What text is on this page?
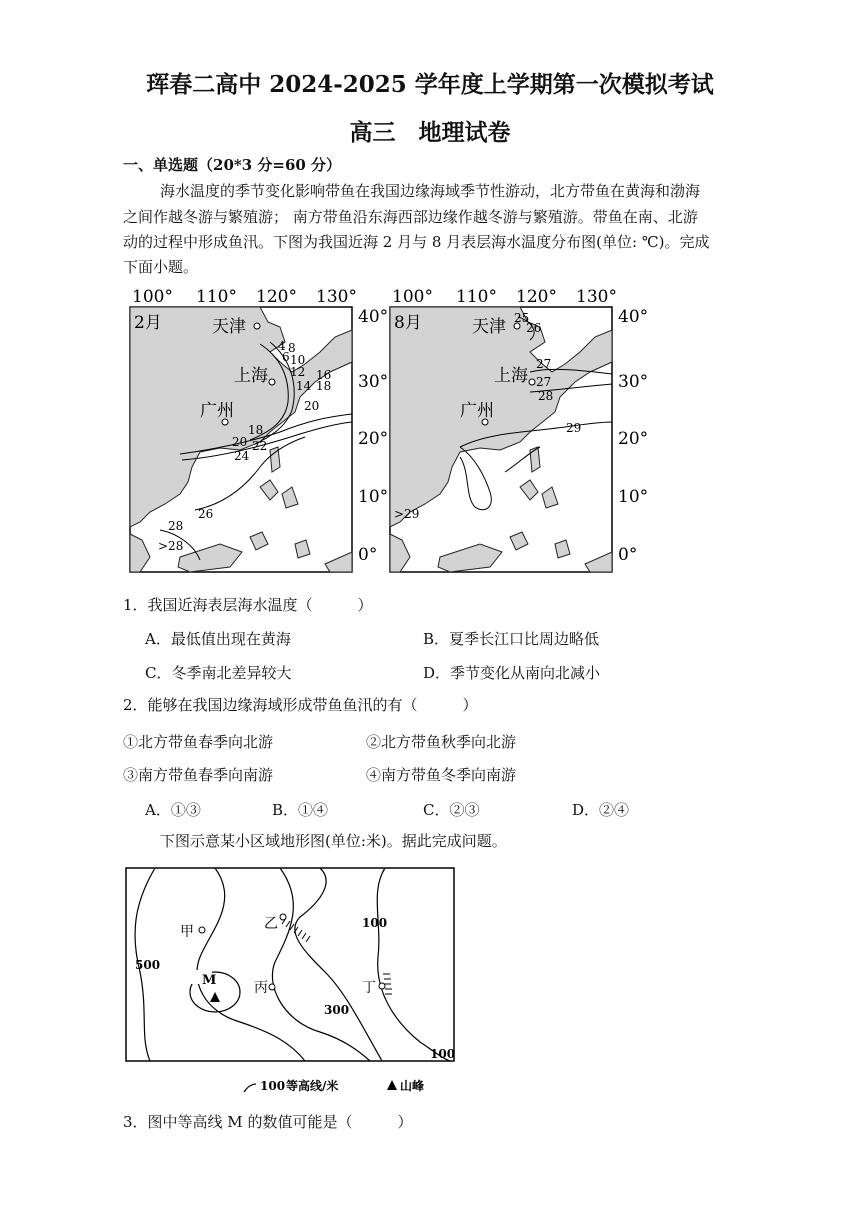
珲春二高中 2024-2025 学年度上学期第一次模拟考试
高三　地理试卷
一、单选题（20*3 分=60 分）
海水温度的季节变化影响带鱼在我国边缘海域季节性游动，北方带鱼在黄海和渤海
之间作越冬游与繁殖游； 南方带鱼沿东海西部边缘作越冬游与繁殖游。带鱼在南、北游
动的过程中形成鱼汛。下图为我国近海 2 月与 8 月表层海水温度分布图(单位: ℃)。完成
下面小题。
100° 110° 120° 130°
2月	天津
上海
广州
4
6
8
10
12
14
16
18
20
18
20 22
24
26
28
>28
40°
30°
20°
10°
0°
100° 110° 120° 130°
8月	天津
上海
广州
25
26
27
27
28
29
>29
40°
30°
20°
10°
0°
1．我国近海表层海水温度（　　　）
A．最低值出现在黄海	B．夏季长江口比周边略低
C．冬季南北差异较大	D．季节变化从南向北减小
2．能够在我国边缘海域形成带鱼鱼汛的有（　　　）
①北方带鱼春季向北游	②北方带鱼秋季向北游
③南方带鱼春季向南游	④南方带鱼冬季向南游
A．①③	B．①④	C．②③	D．②④
下图示意某小区域地形图(单位:米)。据此完成问题。
甲	乙
丙	丁
M
500
300
100
100
100 等高线/米	山峰
3．图中等高线 M 的数值可能是（　　　）
